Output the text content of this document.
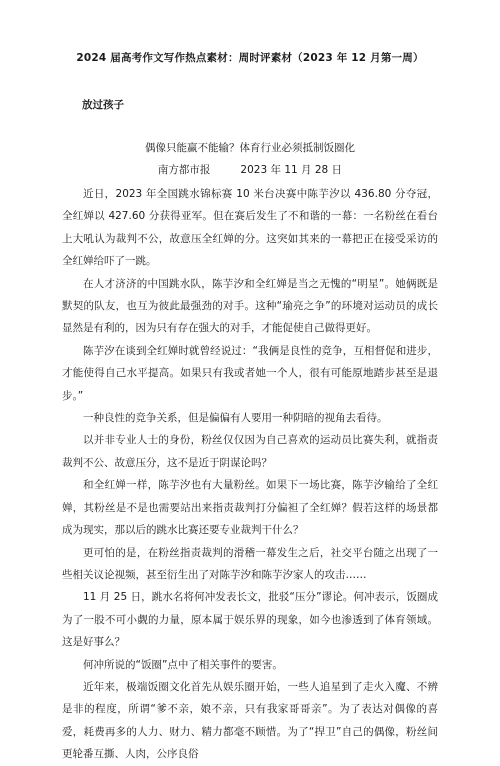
2024 届高考作文写作热点素材：周时评素材（2023 年 12 月第一周）
放过孩子
偶像只能赢不能输？体育行业必须抵制饭圈化
南方都市报	2023 年 11 月 28 日

近日，2023 年全国跳水锦标赛 10 米台决赛中陈芋汐以 436.80 分夺冠，全红婵以 427.60 分获得亚军。但在赛后发生了不和谐的一幕：一名粉丝在看台上大吼认为裁判不公，故意压全红婵的分。这突如其来的一幕把正在接受采访的全红婵给吓了一跳。

在人才济济的中国跳水队，陈芋汐和全红婵是当之无愧的“明星”。她俩既是默契的队友，也互为彼此最强劲的对手。这种“瑜亮之争”的环境对运动员的成长显然是有利的，因为只有存在强大的对手，才能促使自己做得更好。

陈芋汐在谈到全红婵时就曾经说过：“我俩是良性的竞争，互相督促和进步，才能使得自己水平提高。如果只有我或者她一个人，很有可能原地踏步甚至是退步。”

一种良性的竞争关系，但是偏偏有人要用一种阴暗的视角去看待。

以并非专业人士的身份，粉丝仅仅因为自己喜欢的运动员比赛失利，就指责裁判不公、故意压分，这不是近于阴谋论吗？

和全红婵一样，陈芋汐也有大量粉丝。如果下一场比赛，陈芋汐输给了全红婵，其粉丝是不是也需要站出来指责裁判打分偏袒了全红婵？假若这样的场景都成为现实，那以后的跳水比赛还要专业裁判干什么？

更可怕的是，在粉丝指责裁判的滑稽一幕发生之后，社交平台随之出现了一些相关议论视频，甚至衍生出了对陈芋汐和陈芋汐家人的攻击……

11 月 25 日，跳水名将何冲发表长文，批驳“压分”谬论。何冲表示，饭圈成为了一股不可小觑的力量，原本属于娱乐界的现象，如今也渗透到了体育领域。这是好事么？

何冲所说的“饭圈”点中了相关事件的要害。

近年来，极端饭圈文化首先从娱乐圈开始，一些人追星到了走火入魔、不辨是非的程度，所谓“爹不亲，娘不亲，只有我家哥哥亲”。为了表达对偶像的喜爱，耗费再多的人力、财力、精力都毫不顾惜。为了“捍卫”自己的偶像，粉丝间更轮番互撕、人肉，公序良俗
